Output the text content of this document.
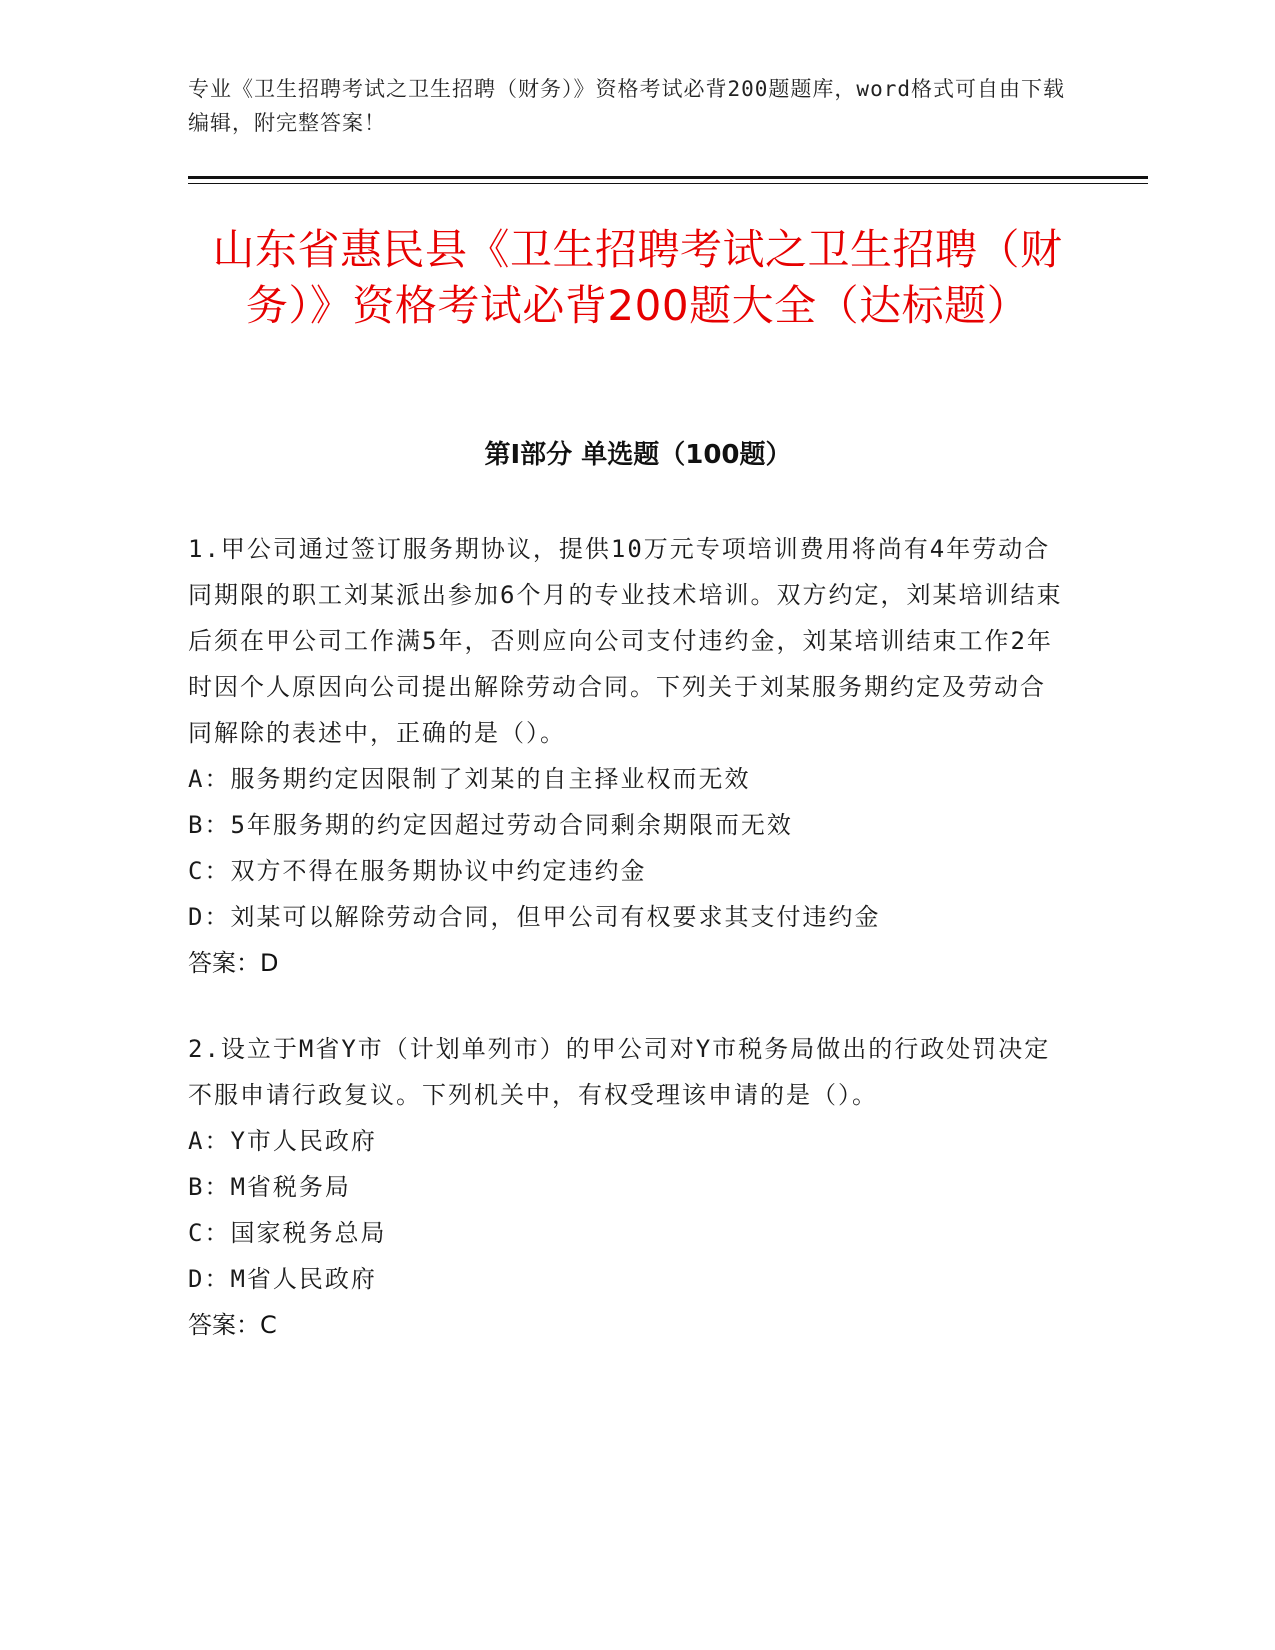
专业《卫生招聘考试之卫生招聘（财务）》资格考试必背200题题库，word格式可自由下载编辑，附完整答案！
山东省惠民县《卫生招聘考试之卫生招聘（财务）》资格考试必背200题大全（达标题）
第I部分 单选题（100题）

1.甲公司通过签订服务期协议，提供10万元专项培训费用将尚有4年劳动合同期限的职工刘某派出参加6个月的专业技术培训。双方约定，刘某培训结束后须在甲公司工作满5年，否则应向公司支付违约金，刘某培训结束工作2年时因个人原因向公司提出解除劳动合同。下列关于刘某服务期约定及劳动合同解除的表述中，正确的是（）。

A：服务期约定因限制了刘某的自主择业权而无效

B：5年服务期的约定因超过劳动合同剩余期限而无效

C：双方不得在服务期协议中约定违约金

D：刘某可以解除劳动合同，但甲公司有权要求其支付违约金

答案：D

2.设立于M省Y市（计划单列市）的甲公司对Y市税务局做出的行政处罚决定不服申请行政复议。下列机关中，有权受理该申请的是（）。

A：Y市人民政府

B：M省税务局

C：国家税务总局

D：M省人民政府

答案：C
